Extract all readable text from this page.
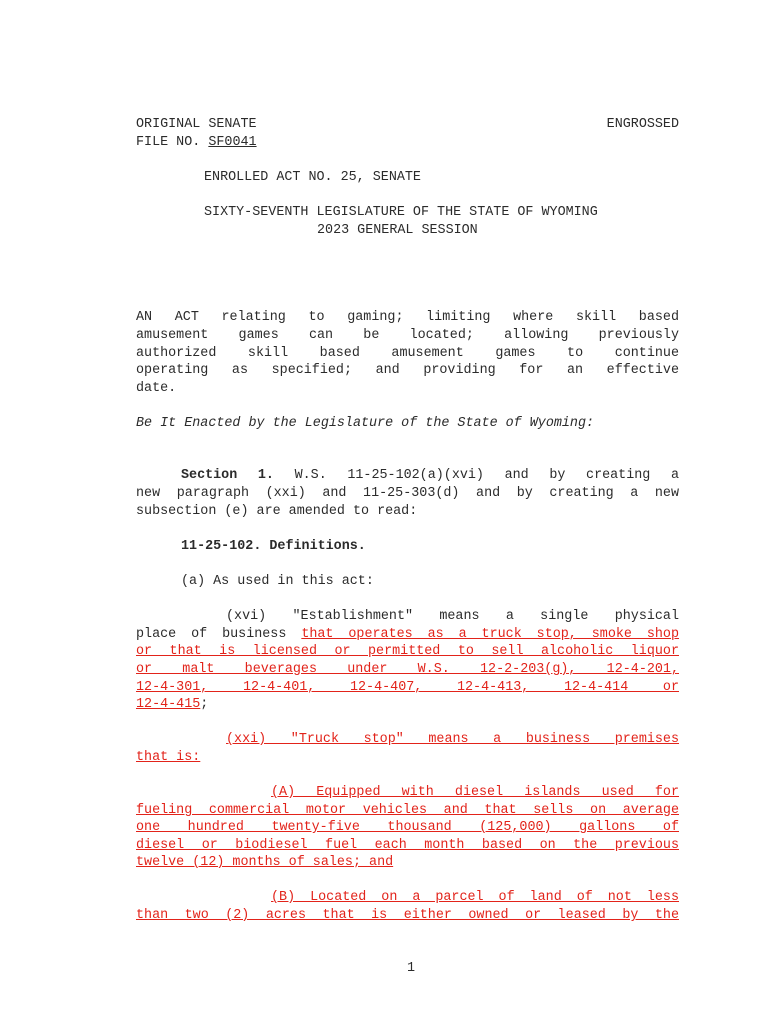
ORIGINAL SENATE	ENGROSSED
FILE NO. SF0041
ENROLLED ACT NO. 25, SENATE
SIXTY-SEVENTH LEGISLATURE OF THE STATE OF WYOMING
2023 GENERAL SESSION
AN ACT relating to gaming; limiting where skill based
amusement games can be located; allowing previously
authorized skill based amusement games to continue
operating as specified; and providing for an effective
date.
Be It Enacted by the Legislature of the State of Wyoming:
Section 1. W.S. 11-25-102(a)(xvi) and by creating a
new paragraph (xxi) and 11-25-303(d) and by creating a new
subsection (e) are amended to read:
11-25-102. Definitions.
(a) As used in this act:
(xvi) "Establishment" means a single physical
place of business that operates as a truck stop, smoke shop
or that is licensed or permitted to sell alcoholic liquor
or malt beverages under W.S. 12-2-203(g), 12-4-201,
12-4-301, 12-4-401, 12-4-407, 12-4-413, 12-4-414 or
12-4-415;
(xxi) "Truck stop" means a business premises
that is:
(A) Equipped with diesel islands used for
fueling commercial motor vehicles and that sells on average
one hundred twenty-five thousand (125,000) gallons of
diesel or biodiesel fuel each month based on the previous
twelve (12) months of sales; and
(B) Located on a parcel of land of not less
than two (2) acres that is either owned or leased by the
1
